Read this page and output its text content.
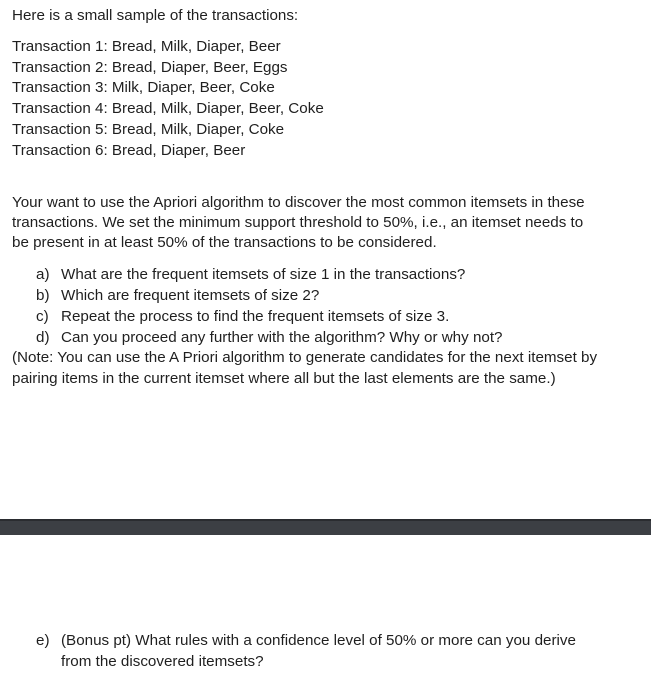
Here is a small sample of the transactions:
Transaction 1: Bread, Milk, Diaper, Beer
Transaction 2: Bread, Diaper, Beer, Eggs
Transaction 3: Milk, Diaper, Beer, Coke
Transaction 4: Bread, Milk, Diaper, Beer, Coke
Transaction 5: Bread, Milk, Diaper, Coke
Transaction 6: Bread, Diaper, Beer
Your want to use the Apriori algorithm to discover the most common itemsets in these
transactions. We set the minimum support threshold to 50%, i.e., an itemset needs to
be present in at least 50% of the transactions to be considered.
a) What are the frequent itemsets of size 1 in the transactions?
b) Which are frequent itemsets of size 2?
c) Repeat the process to find the frequent itemsets of size 3.
d) Can you proceed any further with the algorithm? Why or why not?
(Note: You can use the A Priori algorithm to generate candidates for the next itemset by
pairing items in the current itemset where all but the last elements are the same.)
e) (Bonus pt) What rules with a confidence level of 50% or more can you derive
from the discovered itemsets?
